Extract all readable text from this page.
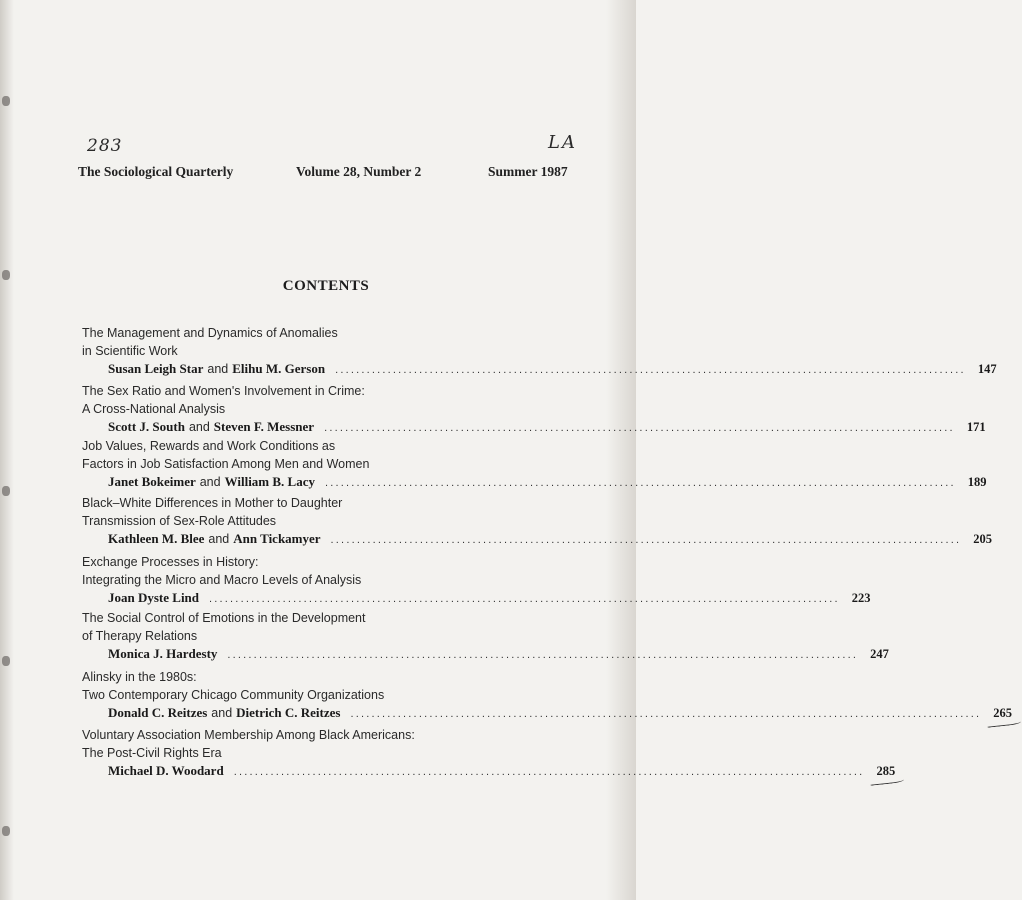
283	LA
The Sociological Quarterly	Volume 28, Number 2	Summer 1987
CONTENTS
The Management and Dynamics of Anomalies
in Scientific Work
Susan Leigh Star and Elihu M. Gerson ........................................................................................................................ 147
The Sex Ratio and Women's Involvement in Crime:
A Cross-National Analysis
Scott J. South and Steven F. Messner ........................................................................................................................ 171
Job Values, Rewards and Work Conditions as
Factors in Job Satisfaction Among Men and Women
Janet Bokeimer and William B. Lacy ........................................................................................................................ 189
Black–White Differences in Mother to Daughter
Transmission of Sex-Role Attitudes
Kathleen M. Blee and Ann Tickamyer ........................................................................................................................ 205
Exchange Processes in History:
Integrating the Micro and Macro Levels of Analysis
Joan Dyste Lind ........................................................................................................................ 223
The Social Control of Emotions in the Development
of Therapy Relations
Monica J. Hardesty ........................................................................................................................ 247
Alinsky in the 1980s:
Two Contemporary Chicago Community Organizations
Donald C. Reitzes and Dietrich C. Reitzes ........................................................................................................................ 265
Voluntary Association Membership Among Black Americans:
The Post-Civil Rights Era
Michael D. Woodard ........................................................................................................................ 285
